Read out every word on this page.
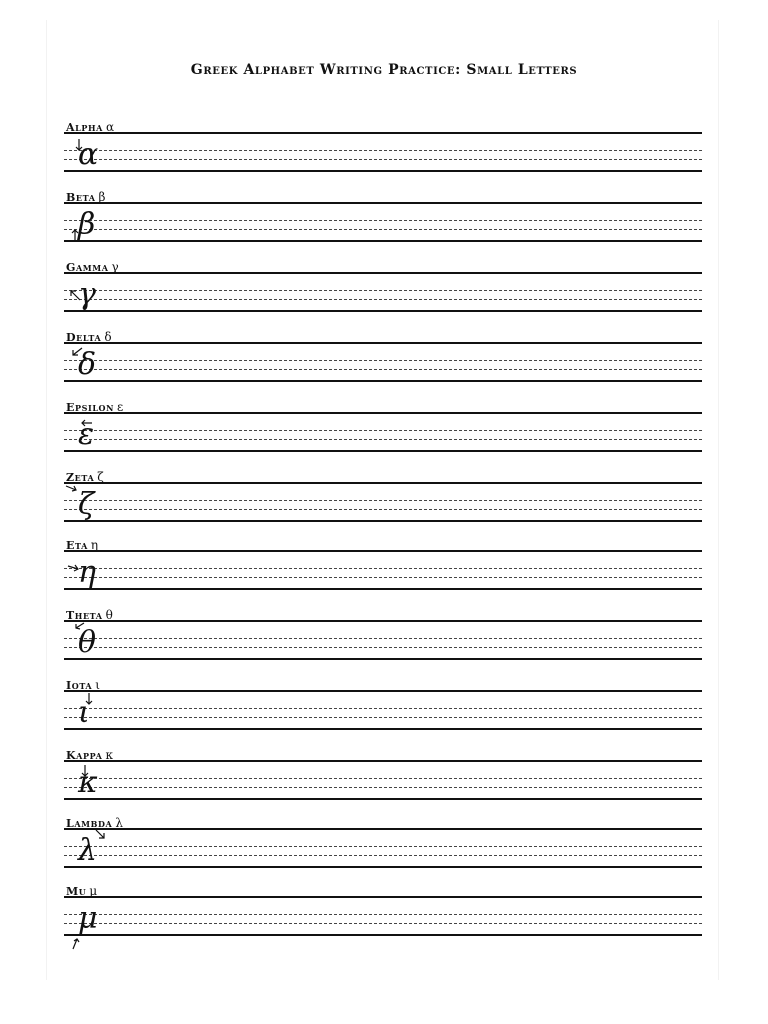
Greek Alphabet Writing Practice: Small Letters
Alpha α
α
Beta β
β
Gamma γ
γ
Delta δ
δ
Epsilon ε
ε
Zeta ζ
ζ
Eta η
η
Theta θ
θ
Iota ι
ι
Kappa κ
κ
Lambda λ
λ
Mu μ
μ
